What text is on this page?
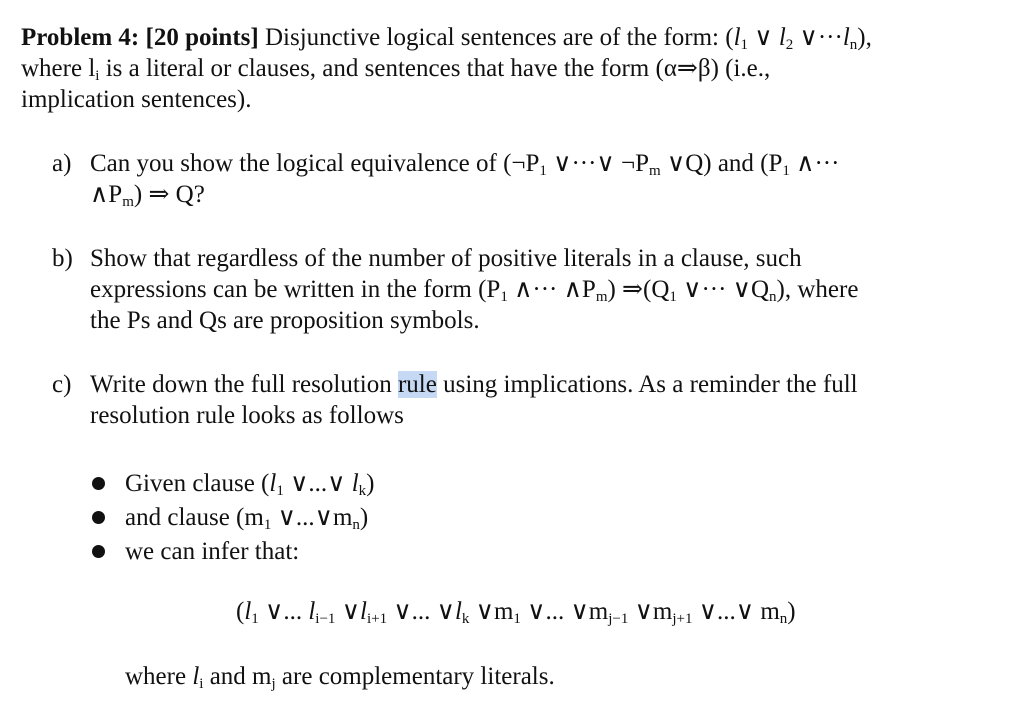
Problem 4: [20 points] Disjunctive logical sentences are of the form: ($l_1$ ∨ $l_2$ $\vee\cdot\cdot\cdot l_n$),
where $l_i$ is a literal or clauses, and sentences that have the form (α⇒β) (i.e.,
implication sentences).
a) Can you show the logical equivalence of ($\neg P_1$ ∨···∨ $\neg P_m$ ∨Q) and ($P_1$ ∧···
$\wedge P_m$) ⇒ Q?
b) Show that regardless of the number of positive literals in a clause, such
expressions can be written in the form ($P_1$ ∧··· $\wedge P_m$) $\Rightarrow(Q_1$ ∨··· $\vee Q_n$), where
the Ps and Qs are proposition symbols.
c) Write down the full resolution rule using implications. As a reminder the full
resolution rule looks as follows
Given clause ($l_1$ ∨...∨ $l_k$)
and clause ($m_1$ $\vee...\vee m_n$)
we can infer that:
($l_1$ ∨... $l_{i-1}$ $\vee l_{i+1}$ ∨... $\vee l_k$ $\vee m_1$ ∨... $\vee m_{j-1}$ $\vee m_{j+1}$ ∨...∨ $m_n$)
where $l_i$ and $m_j$ are complementary literals.
